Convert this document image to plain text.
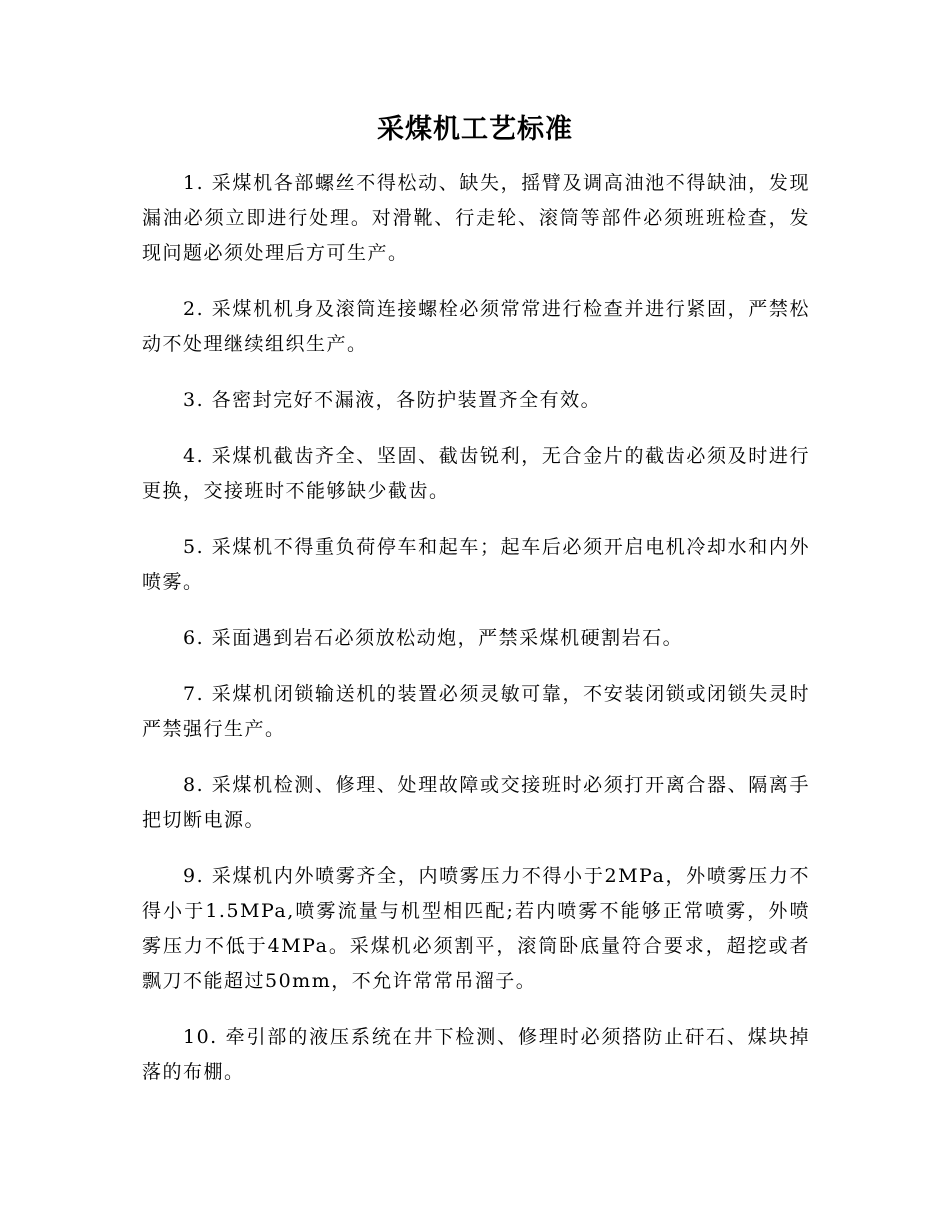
采煤机工艺标准

1. 采煤机各部螺丝不得松动、缺失，摇臂及调高油池不得缺油，发现漏油必须立即进行处理。对滑靴、行走轮、滚筒等部件必须班班检查，发现问题必须处理后方可生产。

2. 采煤机机身及滚筒连接螺栓必须常常进行检查并进行紧固，严禁松动不处理继续组织生产。

3. 各密封完好不漏液，各防护装置齐全有效。

4. 采煤机截齿齐全、坚固、截齿锐利，无合金片的截齿必须及时进行更换，交接班时不能够缺少截齿。

5. 采煤机不得重负荷停车和起车；起车后必须开启电机冷却水和内外喷雾。

6. 采面遇到岩石必须放松动炮，严禁采煤机硬割岩石。

7. 采煤机闭锁输送机的装置必须灵敏可靠，不安装闭锁或闭锁失灵时严禁强行生产。

8. 采煤机检测、修理、处理故障或交接班时必须打开离合器、隔离手把切断电源。

9. 采煤机内外喷雾齐全，内喷雾压力不得小于2MPa，外喷雾压力不得小于1.5MPa,喷雾流量与机型相匹配;若内喷雾不能够正常喷雾，外喷雾压力不低于4MPa。采煤机必须割平，滚筒卧底量符合要求，超挖或者飘刀不能超过50mm，不允许常常吊溜子。

10. 牵引部的液压系统在井下检测、修理时必须搭防止矸石、煤块掉落的布棚。
